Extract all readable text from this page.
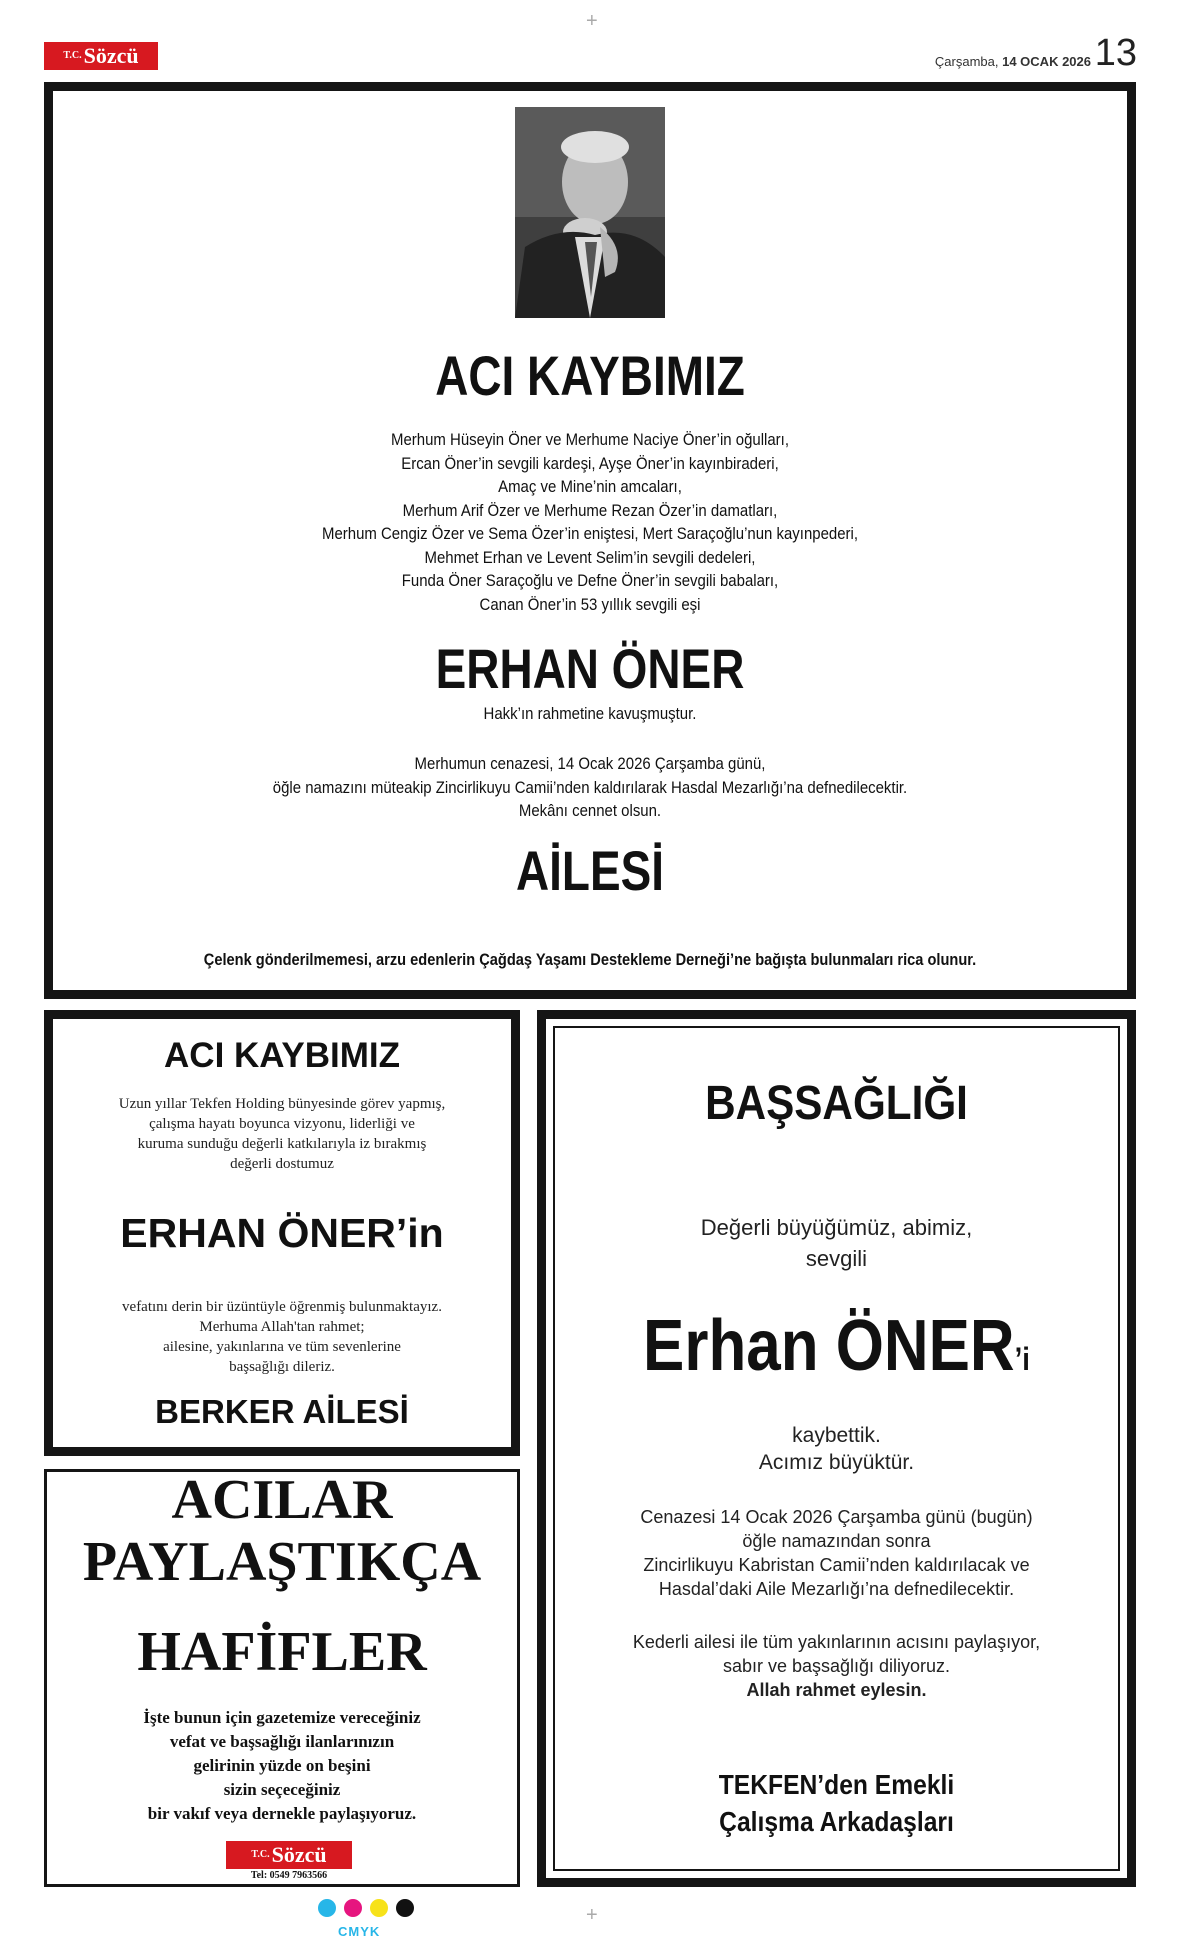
T.C. Sözcü
+
Çarşamba, 14 OCAK 2026 13
ACI KAYBIMIZ
Merhum Hüseyin Öner ve Merhume Naciye Öner’in oğulları,
Ercan Öner’in sevgili kardeşi, Ayşe Öner’in kayınbiraderi,
Amaç ve Mine’nin amcaları,
Merhum Arif Özer ve Merhume Rezan Özer’in damatları,
Merhum Cengiz Özer ve Sema Özer’in eniştesi, Mert Saraçoğlu’nun kayınpederi,
Mehmet Erhan ve Levent Selim’in sevgili dedeleri,
Funda Öner Saraçoğlu ve Defne Öner’in sevgili babaları,
Canan Öner’in 53 yıllık sevgili eşi
ERHAN ÖNER
Hakk’ın rahmetine kavuşmuştur.
Merhumun cenazesi, 14 Ocak 2026 Çarşamba günü,
öğle namazını müteakip Zincirlikuyu Camii’nden kaldırılarak Hasdal Mezarlığı’na defnedilecektir.
Mekânı cennet olsun.
AİLESİ
Çelenk gönderilmemesi, arzu edenlerin Çağdaş Yaşamı Destekleme Derneği’ne bağışta bulunmaları rica olunur.
ACI KAYBIMIZ
Uzun yıllar Tekfen Holding bünyesinde görev yapmış,
çalışma hayatı boyunca vizyonu, liderliği ve
kuruma sunduğu değerli katkılarıyla iz bırakmış
değerli dostumuz
ERHAN ÖNER’in
vefatını derin bir üzüntüyle öğrenmiş bulunmaktayız.
Merhuma Allah'tan rahmet;
ailesine, yakınlarına ve tüm sevenlerine
başsağlığı dileriz.
BERKER AİLESİ
ACILAR
PAYLAŞTIKÇA
HAFİFLER
İşte bunun için gazetemize vereceğiniz
vefat ve başsağlığı ilanlarınızın
gelirinin yüzde on beşini
sizin seçeceğiniz
bir vakıf veya dernekle paylaşıyoruz.
T.C. Sözcü
Tel: 0549 7963566
BAŞSAĞLIĞI
Değerli büyüğümüz, abimiz,
sevgili
Erhan ÖNER’i
kaybettik.
Acımız büyüktür.
Cenazesi 14 Ocak 2026 Çarşamba günü (bugün)
öğle namazından sonra
Zincirlikuyu Kabristan Camii’nden kaldırılacak ve
Hasdal’daki Aile Mezarlığı’na defnedilecektir.
Kederli ailesi ile tüm yakınlarının acısını paylaşıyor,
sabır ve başsağlığı diliyoruz.
Allah rahmet eylesin.
TEKFEN’den Emekli
Çalışma Arkadaşları
CMYK
+
